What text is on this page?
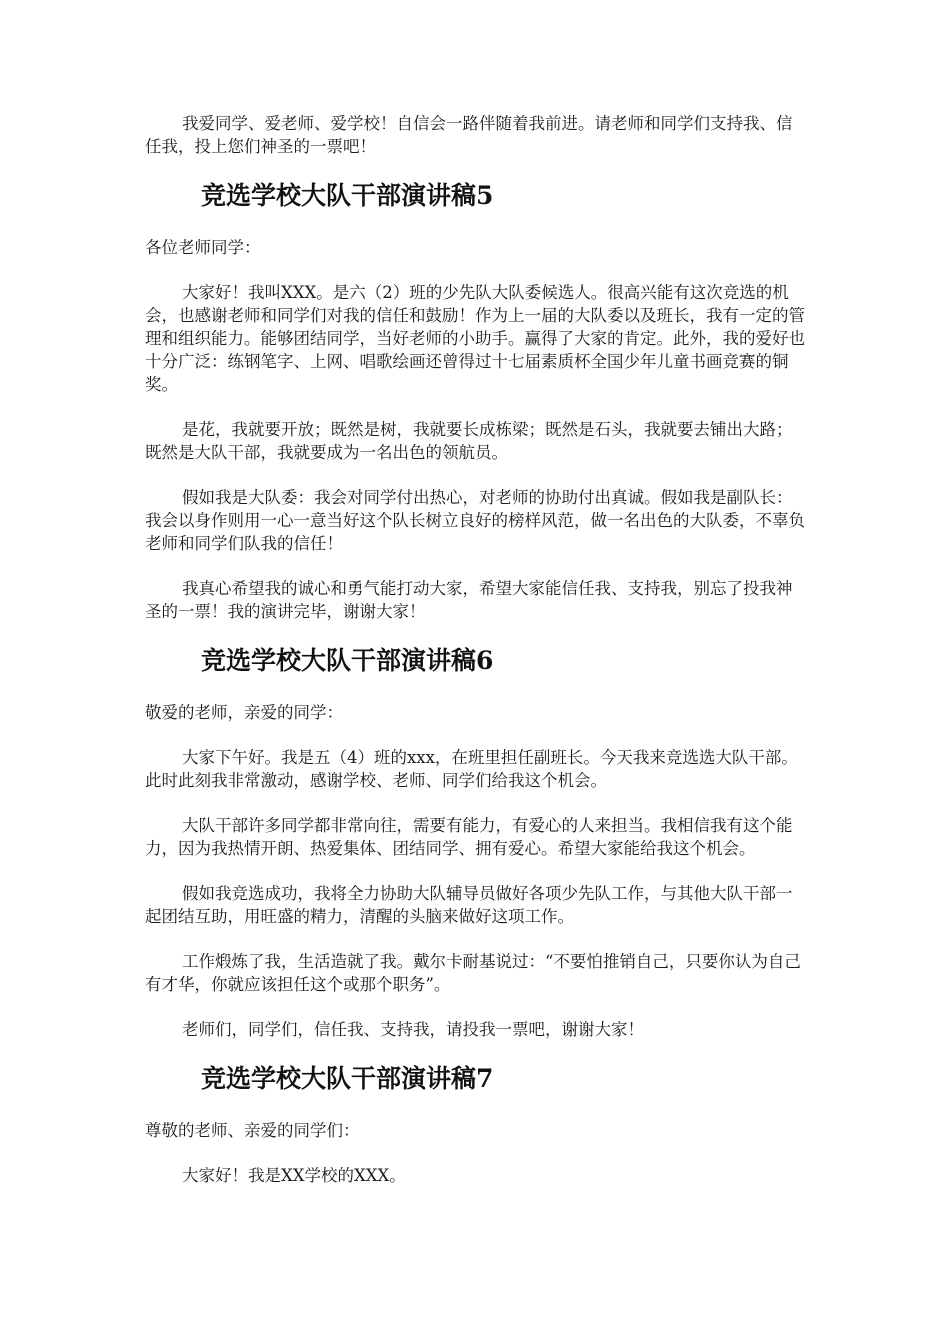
我爱同学、爱老师、爱学校！自信会一路伴随着我前进。请老师和同学们支持我、信任我，投上您们神圣的一票吧！

竞选学校大队干部演讲稿5

各位老师同学：

大家好！我叫XXX。是六（2）班的少先队大队委候选人。很高兴能有这次竞选的机会，也感谢老师和同学们对我的信任和鼓励！作为上一届的大队委以及班长，我有一定的管理和组织能力。能够团结同学，当好老师的小助手。赢得了大家的肯定。此外，我的爱好也十分广泛：练钢笔字、上网、唱歌绘画还曾得过十七届素质杯全国少年儿童书画竞赛的铜奖。

是花，我就要开放；既然是树，我就要长成栋梁；既然是石头，我就要去铺出大路；既然是大队干部，我就要成为一名出色的领航员。

假如我是大队委：我会对同学付出热心，对老师的协助付出真诚。假如我是副队长：我会以身作则用一心一意当好这个队长树立良好的榜样风范，做一名出色的大队委，不辜负老师和同学们队我的信任！

我真心希望我的诚心和勇气能打动大家，希望大家能信任我、支持我，别忘了投我神圣的一票！我的演讲完毕，谢谢大家！

竞选学校大队干部演讲稿6

敬爱的老师，亲爱的同学：

大家下午好。我是五（4）班的xxx，在班里担任副班长。今天我来竞选选大队干部。此时此刻我非常激动，感谢学校、老师、同学们给我这个机会。

大队干部许多同学都非常向往，需要有能力，有爱心的人来担当。我相信我有这个能力，因为我热情开朗、热爱集体、团结同学、拥有爱心。希望大家能给我这个机会。

假如我竞选成功，我将全力协助大队辅导员做好各项少先队工作，与其他大队干部一起团结互助，用旺盛的精力，清醒的头脑来做好这项工作。

工作煅炼了我，生活造就了我。戴尔卡耐基说过：“不要怕推销自己，只要你认为自己有才华，你就应该担任这个或那个职务”。

老师们，同学们，信任我、支持我，请投我一票吧，谢谢大家！

竞选学校大队干部演讲稿7

尊敬的老师、亲爱的同学们：

大家好！我是XX学校的XXX。
